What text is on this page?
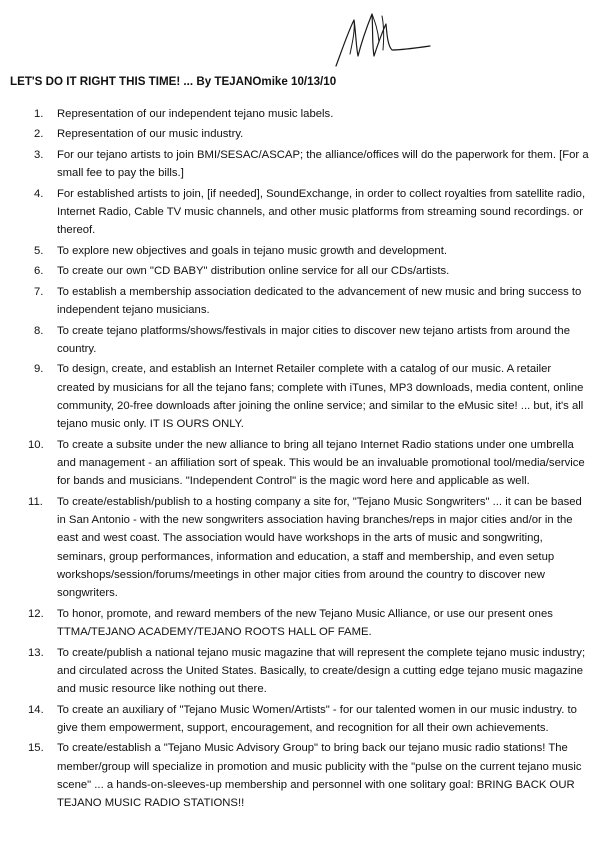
LET'S DO IT RIGHT THIS TIME! ... By TEJANOmike 10/13/10
1. Representation of our independent tejano music labels.
2. Representation of our music industry.
3. For our tejano artists to join BMI/SESAC/ASCAP; the alliance/offices will do the paperwork for them. [For a small fee to pay the bills.]
4. For established artists to join, [if needed], SoundExchange, in order to collect royalties from satellite radio, Internet Radio, Cable TV music channels, and other music platforms from streaming sound recordings. or thereof.
5. To explore new objectives and goals in tejano music growth and development.
6. To create our own "CD BABY" distribution online service for all our CDs/artists.
7. To establish a membership association dedicated to the advancement of new music and bring success to independent tejano musicians.
8. To create tejano platforms/shows/festivals in major cities to discover new tejano artists from around the country.
9. To design, create, and establish an Internet Retailer complete with a catalog of our music. A retailer created by musicians for all the tejano fans; complete with iTunes, MP3 downloads, media content, online community, 20-free downloads after joining the online service; and similar to the eMusic site! ... but, it's all tejano music only. IT IS OURS ONLY.
10. To create a subsite under the new alliance to bring all tejano Internet Radio stations under one umbrella and management - an affiliation sort of speak. This would be an invaluable promotional tool/media/service for bands and musicians. "Independent Control" is the magic word here and applicable as well.
11. To create/establish/publish to a hosting company a site for, "Tejano Music Songwriters" ... it can be based in San Antonio - with the new songwriters association having branches/reps in major cities and/or in the east and west coast. The association would have workshops in the arts of music and songwriting, seminars, group performances, information and education, a staff and membership, and even setup workshops/session/forums/meetings in other major cities from around the country to discover new songwriters.
12. To honor, promote, and reward members of the new Tejano Music Alliance, or use our present ones TTMA/TEJANO ACADEMY/TEJANO ROOTS HALL OF FAME.
13. To create/publish a national tejano music magazine that will represent the complete tejano music industry; and circulated across the United States. Basically, to create/design a cutting edge tejano music magazine and music resource like nothing out there.
14. To create an auxiliary of "Tejano Music Women/Artists" - for our talented women in our music industry. to give them empowerment, support, encouragement, and recognition for all their own achievements.
15. To create/establish a "Tejano Music Advisory Group" to bring back our tejano music radio stations! The member/group will specialize in promotion and music publicity with the "pulse on the current tejano music scene" ... a hands-on-sleeves-up membership and personnel with one solitary goal: BRING BACK OUR TEJANO MUSIC RADIO STATIONS!!
